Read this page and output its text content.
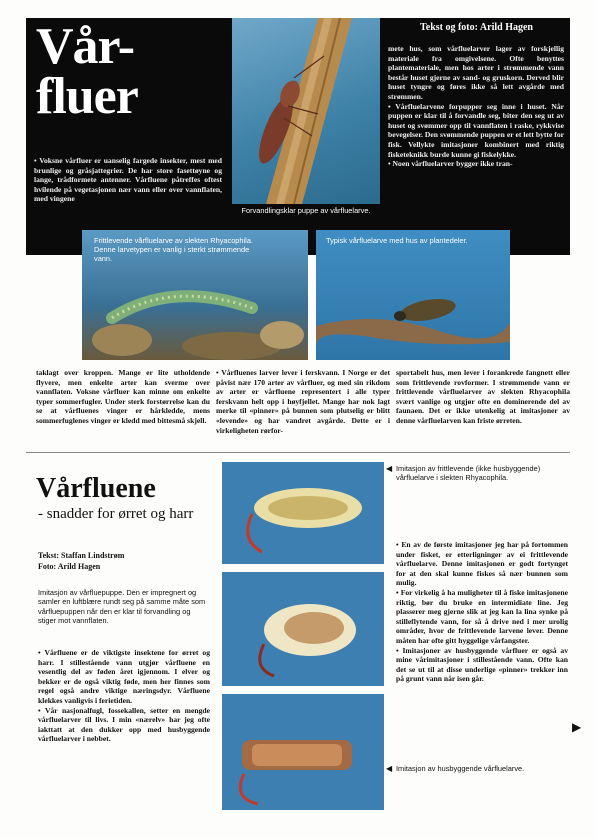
Vår-
fluer
Tekst og foto: Arild Hagen
• Voksne vårfluer er uanselig fargede insekter, mest med brunlige og gråsjattegrier. De har store fasettøyne og lange, trådformete antenner. Vårfluene påtreffes oftest hvilende på vegetasjonen nær vann eller over vannflaten, med vingene
Forvandlingsklar puppe av vårfluelarve.
mete hus, som vårfluelarver lager av forskjellig materiale fra omgivelsene. Ofte benyttes plantemateriale, men hos arter i strømmende vann består huset gjerne av sand- og gruskorn. Derved blir huset tyngre og føres ikke så lett avgårde med strømmen.
• Vårfluelarvene forpupper seg inne i huset. Når puppen er klar til å forvandle seg, biter den seg ut av huset og svømmer opp til vannflaten i raske, rykkvise bevegelser. Den svømmende puppen er et lett bytte for fisk. Vellykte imitasjoner kombinert med riktig fisketeknikk burde kunne gi fiskelykke.
• Noen vårfluelarver bygger ikke tran-
Frittlevende vårfluelarve av slekten Rhyacophila. Denne larvetypen er vanlig i sterkt strømmende vann.
Typisk vårfluelarve med hus av plantedeler.
taklagt over kroppen. Mange er lite utholdende flyvere, men enkelte arter kan sverme over vannflaten. Voksne vårfluer kan minne om enkelte typer sommerfugler. Under sterk forstørrelse kan du se at vårfluenes vinger er hårkledde, mens sommerfuglenes vinger er kledd med bittesmå skjell.
• Vårfluenes larver lever i ferskvann. I Norge er det påvist nær 170 arter av vårfluer, og med sin rikdom av arter er vårfluene representert i alle typer ferskvann helt opp i høyfjellet. Mange har nok lagt merke til «pinner» på bunnen som plutselig er blitt «levende» og har vandret avgårde. Dette er i virkeligheten rørfor-
sportabelt hus, men lever i forankrede fangnett eller som frittlevende rovformer. I strømmende vann er frittlevende vårfluelarver av slekten Rhyacophila svært vanlige og utgjør ofte en dominerende del av faunaen. Det er ikke utenkelig at imitasjoner av denne vårfluelarven kan friste ørreten.
Vårfluene
- snadder for ørret og harr
Tekst: Staffan Lindstrøm
Foto: Arild Hagen
Imitasjon av vårfluepuppe. Den er impregnert og samler en luftblære rundt seg på samme måte som vårfluepuppen når den er klar til forvandling og stiger mot vannflaten.
• Vårfluene er de viktigste insektene for ørret og harr. I stillestående vann utgjør vårfluene en vesentlig del av føden året igjennom. I elver og bekker er de også viktig føde, men her finnes som regel også andre viktige næringsdyr. Vårfluene klekkes vanligvis i ferietiden.
• Vår nasjonalfugl, fossekallen, setter en mengde vårfluelarver til livs. I min «nærelv» har jeg ofte iakttatt at den dukker opp med husbyggende vårfluelarver i nebbet.
◀ Imitasjon av frittlevende (ikke husbyggende) vårfluelarve i slekten Rhyacophila.
• En av de første imitasjoner jeg har på fortommen under fisket, er etterligninger av ei frittlevende vårfluelarve. Denne imitasjonen er godt fortynget for at den skal kunne fiskes så nær bunnen som mulig.
• For virkelig å ha muligheter til å fiske imitasjonene riktig, bør du bruke en intermidiate line. Jeg plasserer meg gjerne slik at jeg kan la lina synke på stilleflytende vann, for så å drive ned i mer urolig områder, hvor de frittlevende larvene lever. Denne måten har ofte gitt hyggelige vårfangster.
• Imitasjoner av husbyggende vårfluer er også av mine vårimitasjoner i stillestående vann. Ofte kan det se ut til at disse underlige «pinner» trekker inn på grunt vann når isen går.
▶
◀ Imitasjon av husbyggende vårfluelarve.
